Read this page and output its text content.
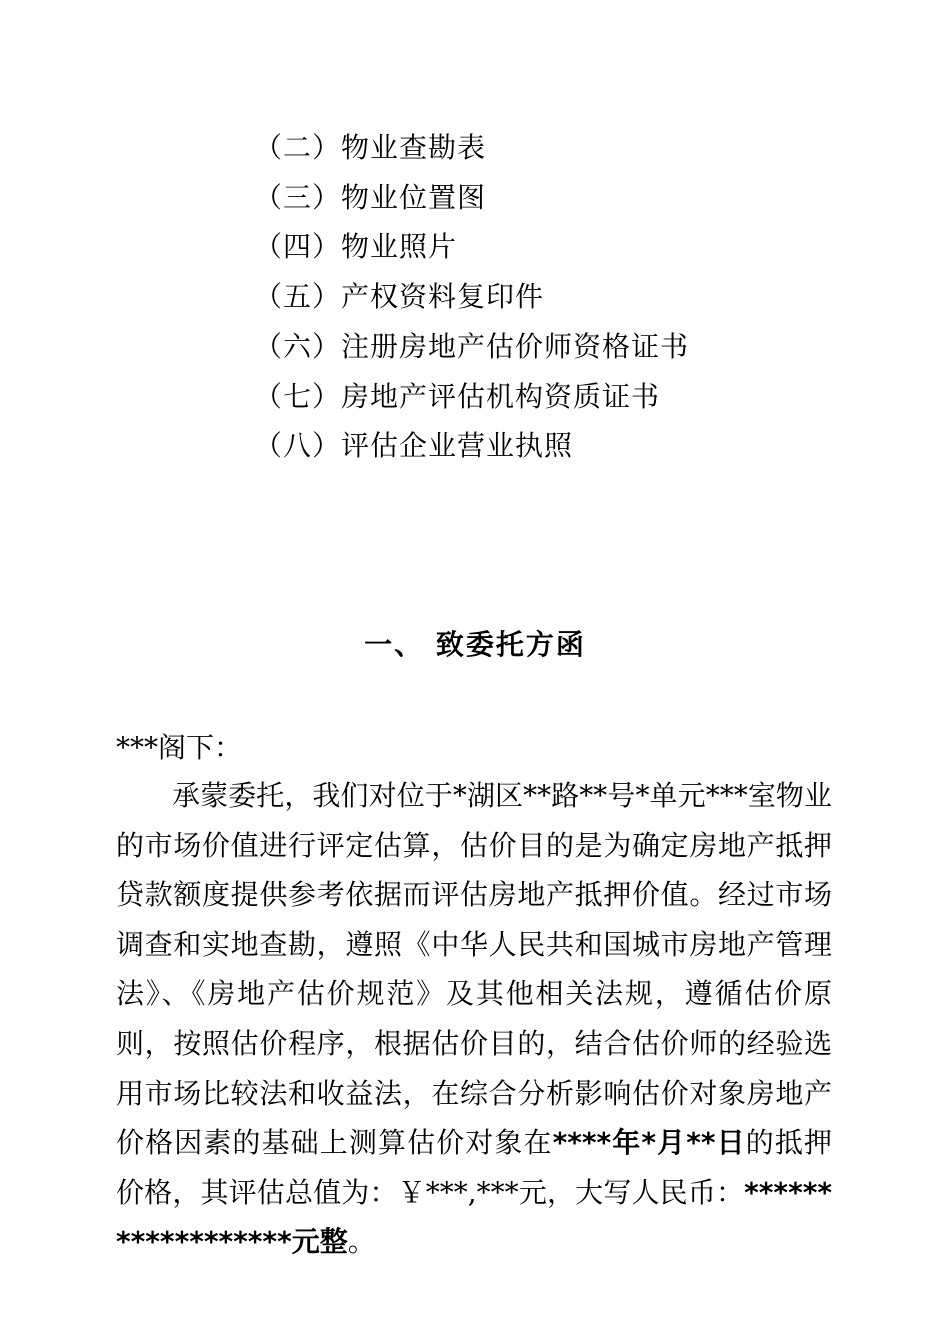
（二）物业查勘表
（三）物业位置图
（四）物业照片
（五）产权资料复印件
（六）注册房地产估价师资格证书
（七）房地产评估机构资质证书
（八）评估企业营业执照
一、 致委托方函
***阁下：

承蒙委托，我们对位于*湖区**路**号*单元***室物业的市场价值进行评定估算，估价目的是为确定房地产抵押贷款额度提供参考依据而评估房地产抵押价值。经过市场调查和实地查勘，遵照《中华人民共和国城市房地产管理法》、《房地产估价规范》及其他相关法规，遵循估价原则，按照估价程序，根据估价目的，结合估价师的经验选用市场比较法和收益法，在综合分析影响估价对象房地产价格因素的基础上测算估价对象在****年*月**日的抵押价格，其评估总值为：￥***,***元，大写人民币：******************元整。
